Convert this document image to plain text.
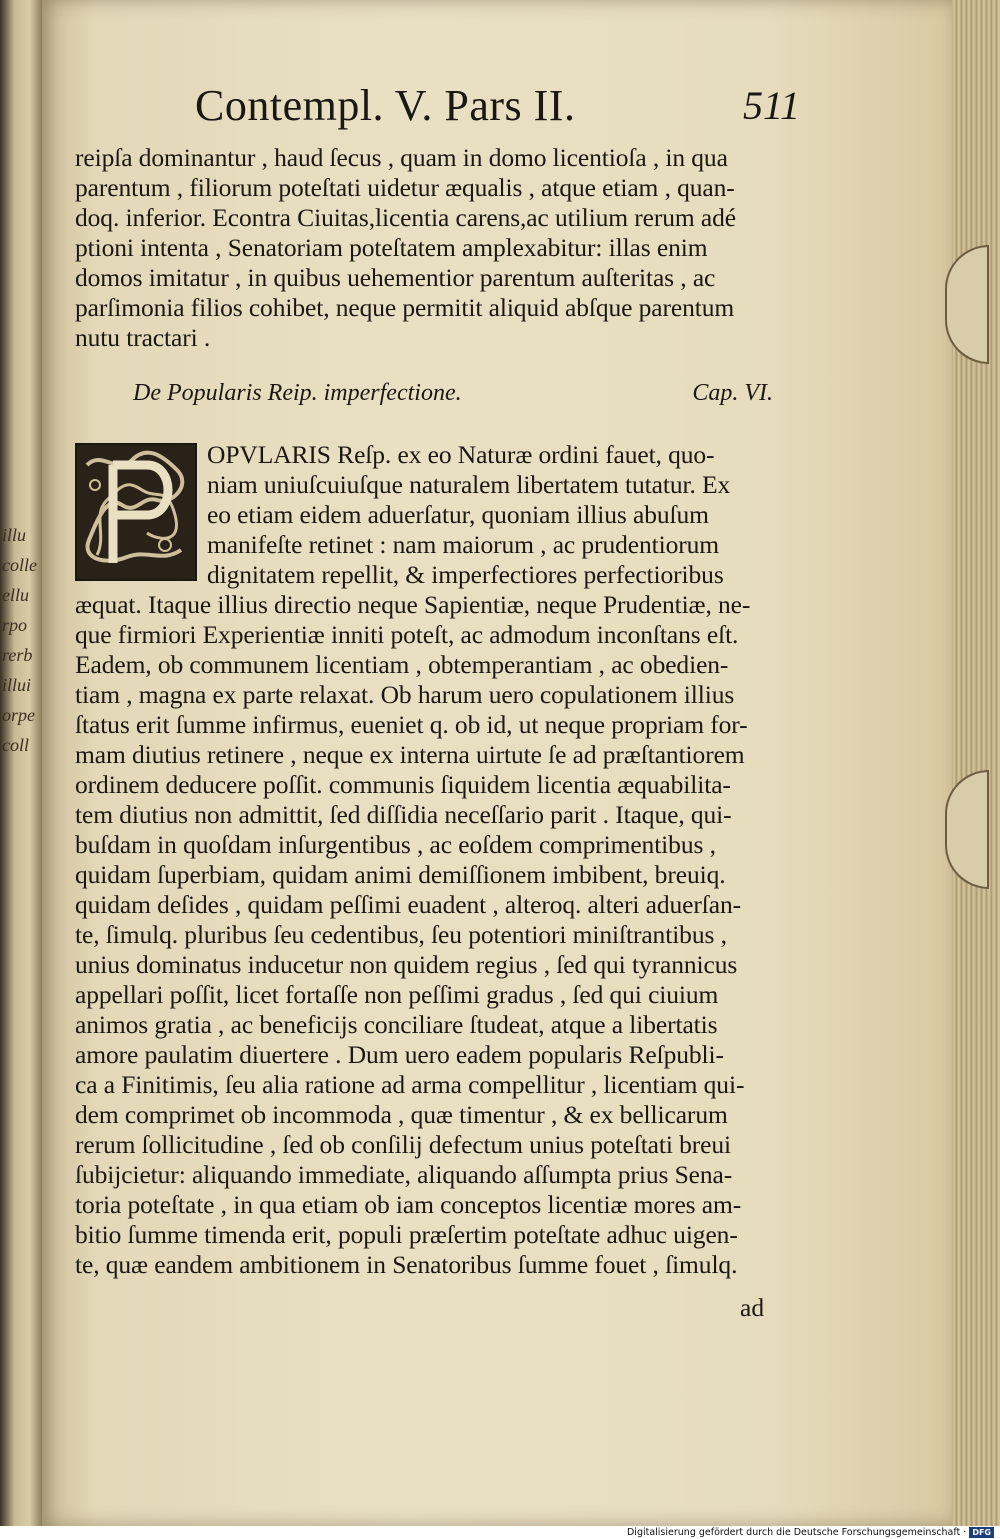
illu
colle
ellu
rpo
rerb
illui
orpe
coll
Contempl. V. Pars II.	511
reipſa dominantur , haud ſecus , quam in domo licentioſa , in qua
parentum , filiorum poteſtati uidetur æqualis , atque etiam , quan-
doq. inferior. Econtra Ciuitas,licentia carens,ac utilium rerum adé
ptioni intenta , Senatoriam poteſtatem amplexabitur: illas enim
domos imitatur , in quibus uehementior parentum auſteritas , ac
parſimonia filios cohibet, neque permitit aliquid abſque parentum
nutu tractari .
De Popularis Reip. imperfectione.	Cap. VI.
OPVLARIS Reſp. ex eo Naturæ ordini fauet, quo-
niam uniuſcuiuſque naturalem libertatem tutatur. Ex
eo etiam eidem aduerſatur, quoniam illius abuſum
manifeſte retinet : nam maiorum , ac prudentiorum
dignitatem repellit, & imperfectiores perfectioribus
æquat. Itaque illius directio neque Sapientiæ, neque Prudentiæ, ne-
que firmiori Experientiæ inniti poteſt, ac admodum inconſtans eſt.
Eadem, ob communem licentiam , obtemperantiam , ac obedien-
tiam , magna ex parte relaxat. Ob harum uero copulationem illius
ſtatus erit ſumme infirmus, eueniet q. ob id, ut neque propriam for-
mam diutius retinere , neque ex interna uirtute ſe ad præſtantiorem
ordinem deducere poſſit. communis ſiquidem licentia æquabilita-
tem diutius non admittit, ſed diſſidia neceſſario parit . Itaque, qui-
buſdam in quoſdam inſurgentibus , ac eoſdem comprimentibus ,
quidam ſuperbiam, quidam animi demiſſionem imbibent, breuiq.
quidam deſides , quidam peſſimi euadent , alteroq. alteri aduerſan-
te, ſimulq. pluribus ſeu cedentibus, ſeu potentiori miniſtrantibus ,
unius dominatus inducetur non quidem regius , ſed qui tyrannicus
appellari poſſit, licet fortaſſe non peſſimi gradus , ſed qui ciuium
animos gratia , ac beneficijs conciliare ſtudeat, atque a libertatis
amore paulatim diuertere . Dum uero eadem popularis Reſpubli-
ca a Finitimis, ſeu alia ratione ad arma compellitur , licentiam qui-
dem comprimet ob incommoda , quæ timentur , & ex bellicarum
rerum ſollicitudine , ſed ob conſilij defectum unius poteſtati breui
ſubijcietur: aliquando immediate, aliquando aſſumpta prius Sena-
toria poteſtate , in qua etiam ob iam conceptos licentiæ mores am-
bitio ſumme timenda erit, populi præſertim poteſtate adhuc uigen-
te, quæ eandem ambitionem in Senatoribus ſumme fouet , ſimulq.
ad
Digitalisierung gefördert durch die Deutsche Forschungsgemeinschaft · DFG
